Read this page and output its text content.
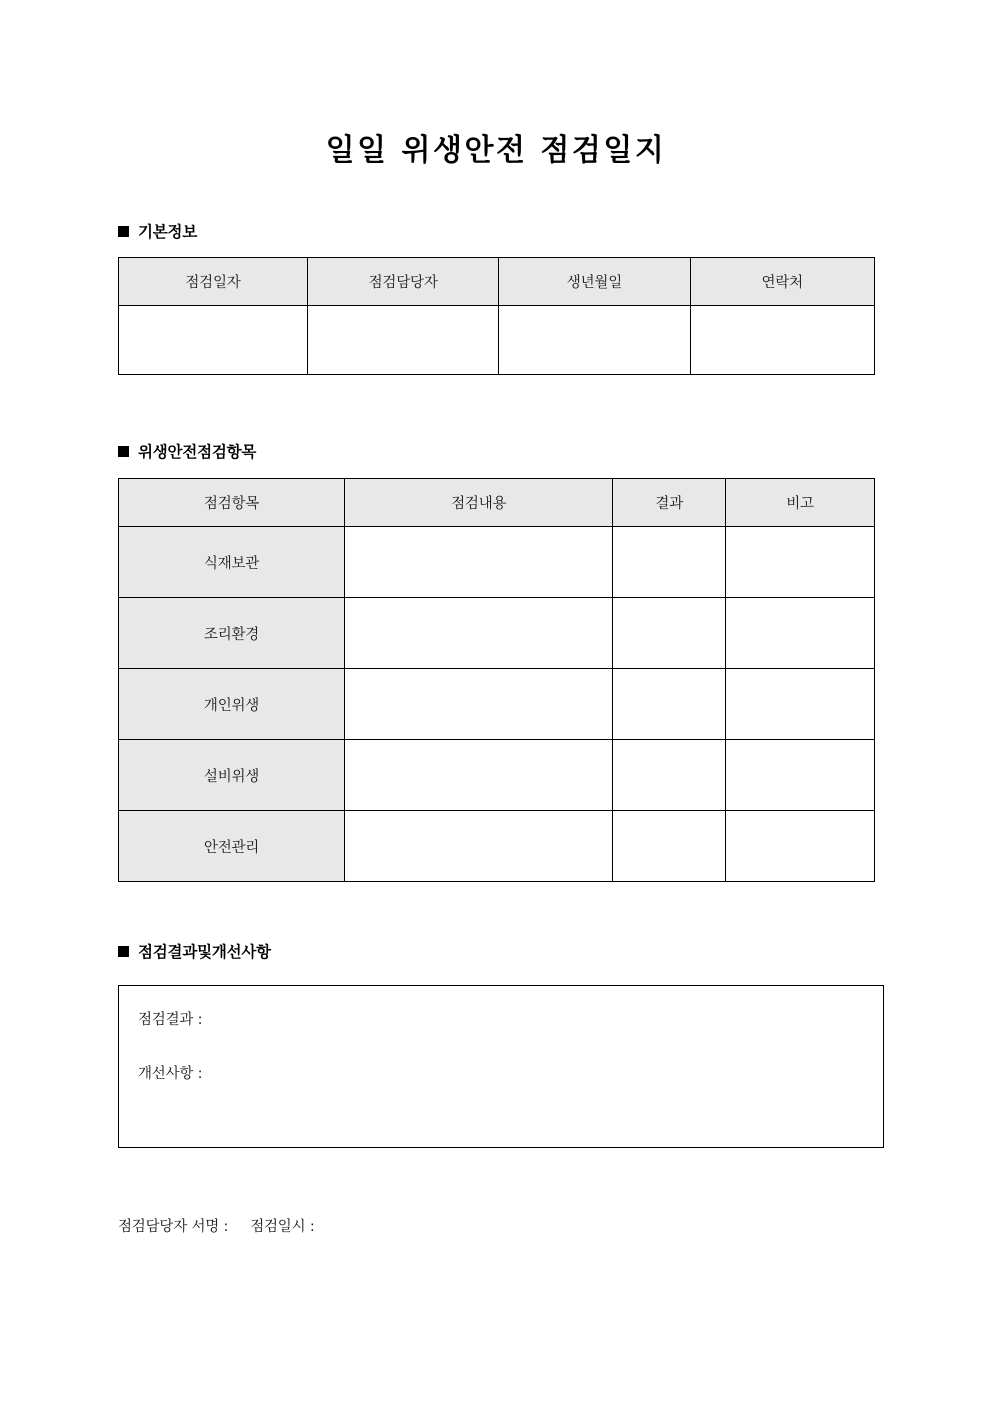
일일 위생안전 점검일지
기본정보
점검일자	점검담당자	생년월일	연락처

위생안전점검항목
점검항목	점검내용	결과	비고
식재보관			
조리환경			
개인위생			
설비위생			
안전관리			
점검결과및개선사항
점검결과 :
개선사항 :
점검담당자 서명 :     점검일시 :
